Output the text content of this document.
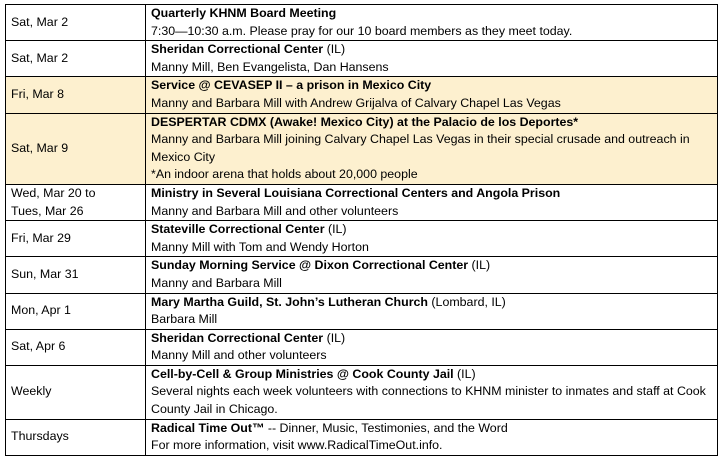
Sat, Mar 2	Quarterly KHNM Board Meeting
7:30—10:30 a.m. Please pray for our 10 board members as they meet today.

Sat, Mar 2	Sheridan Correctional Center (IL)
Manny Mill, Ben Evangelista, Dan Hansens

Fri, Mar 8	Service @ CEVASEP II – a prison in Mexico City
Manny and Barbara Mill with Andrew Grijalva of Calvary Chapel Las Vegas

Sat, Mar 9	DESPERTAR CDMX (Awake! Mexico City) at the Palacio de los Deportes*
Manny and Barbara Mill joining Calvary Chapel Las Vegas in their special crusade and outreach in Mexico City
*An indoor arena that holds about 20,000 people

Wed, Mar 20 to
Tues, Mar 26	Ministry in Several Louisiana Correctional Centers and Angola Prison
Manny and Barbara Mill and other volunteers

Fri, Mar 29	Stateville Correctional Center (IL)
Manny Mill with Tom and Wendy Horton

Sun, Mar 31	Sunday Morning Service @ Dixon Correctional Center (IL)
Manny and Barbara Mill

Mon, Apr 1	Mary Martha Guild, St. John’s Lutheran Church (Lombard, IL)
Barbara Mill

Sat, Apr 6	Sheridan Correctional Center (IL)
Manny Mill and other volunteers

Weekly	Cell-by-Cell & Group Ministries @ Cook County Jail (IL)
Several nights each week volunteers with connections to KHNM minister to inmates and staff at Cook County Jail in Chicago.

Thursdays	Radical Time Out™ -- Dinner, Music, Testimonies, and the Word
For more information, visit www.RadicalTimeOut.info.
